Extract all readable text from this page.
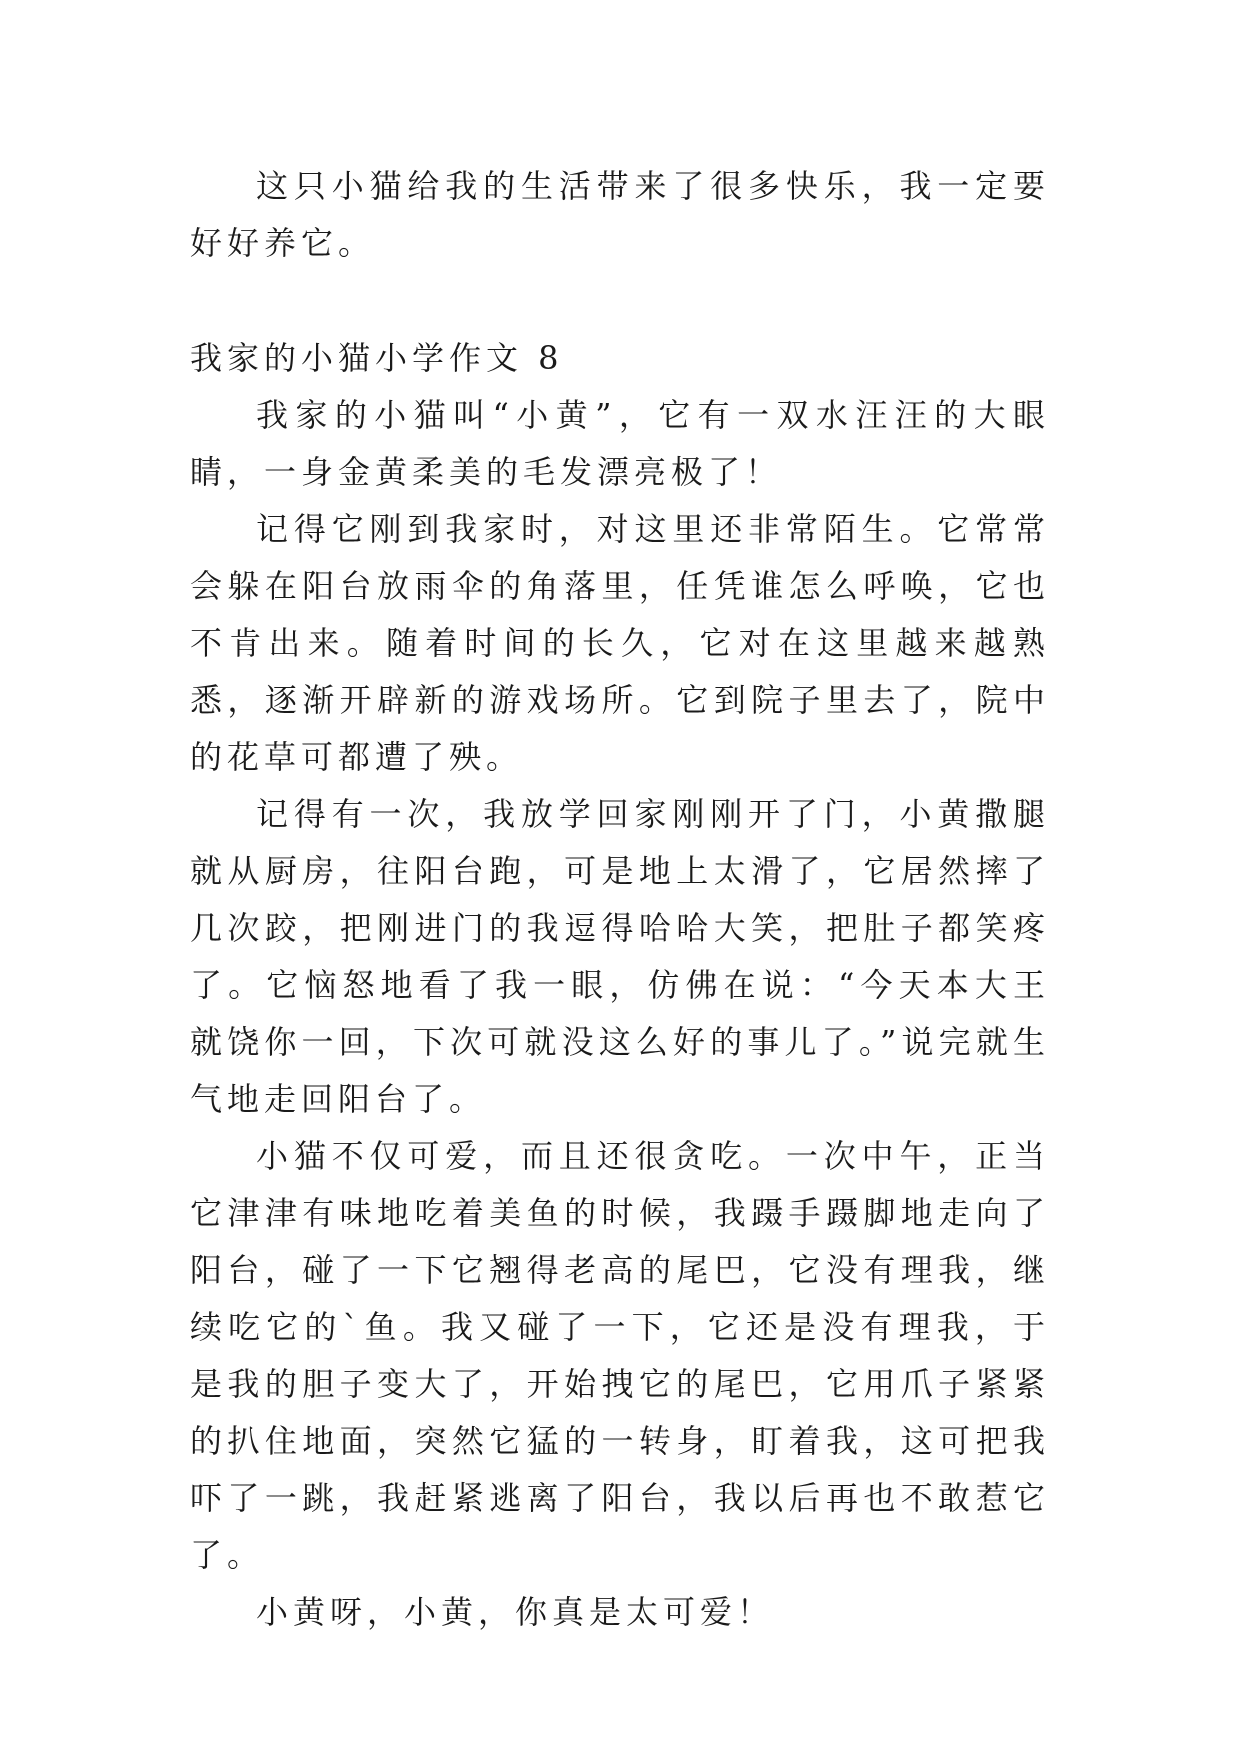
这只小猫给我的生活带来了很多快乐，我一定要好好养它。

我家的小猫小学作文 8

我家的小猫叫“小黄”，它有一双水汪汪的大眼睛，一身金黄柔美的毛发漂亮极了！

记得它刚到我家时，对这里还非常陌生。它常常会躲在阳台放雨伞的角落里，任凭谁怎么呼唤，它也不肯出来。随着时间的长久，它对在这里越来越熟悉，逐渐开辟新的游戏场所。它到院子里去了，院中的花草可都遭了殃。

记得有一次，我放学回家刚刚开了门，小黄撒腿就从厨房，往阳台跑，可是地上太滑了，它居然摔了几次跤，把刚进门的我逗得哈哈大笑，把肚子都笑疼了。它恼怒地看了我一眼，仿佛在说：“今天本大王就饶你一回，下次可就没这么好的事儿了。”说完就生气地走回阳台了。

小猫不仅可爱，而且还很贪吃。一次中午，正当它津津有味地吃着美鱼的时候，我蹑手蹑脚地走向了阳台，碰了一下它翘得老高的尾巴，它没有理我，继续吃它的`鱼。我又碰了一下，它还是没有理我，于是我的胆子变大了，开始拽它的尾巴，它用爪子紧紧的扒住地面，突然它猛的一转身，盯着我，这可把我吓了一跳，我赶紧逃离了阳台，我以后再也不敢惹它了。

小黄呀，小黄，你真是太可爱！
